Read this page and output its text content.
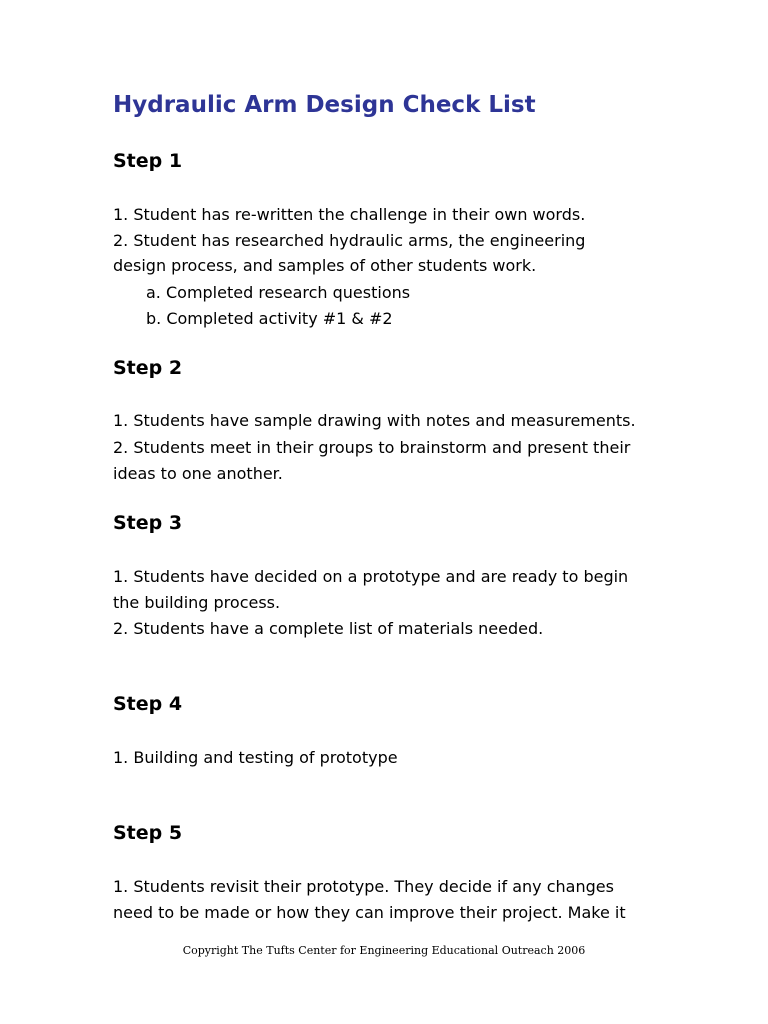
Hydraulic Arm Design Check List
Step 1

1. Student has re-written the challenge in their own words.

2. Student has researched hydraulic arms, the engineering

design process, and samples of other students work.

a. Completed research questions

b. Completed activity #1 & #2

Step 2

1. Students have sample drawing with notes and measurements.

2. Students meet in their groups to brainstorm and present their

ideas to one another.

Step 3

1. Students have decided on a prototype and are ready to begin

the building process.

2. Students have a complete list of materials needed.

Step 4

1. Building and testing of prototype

Step 5

1. Students revisit their prototype. They decide if any changes

need to be made or how they can improve their project. Make it

Copyright The Tufts Center for Engineering Educational Outreach 2006
